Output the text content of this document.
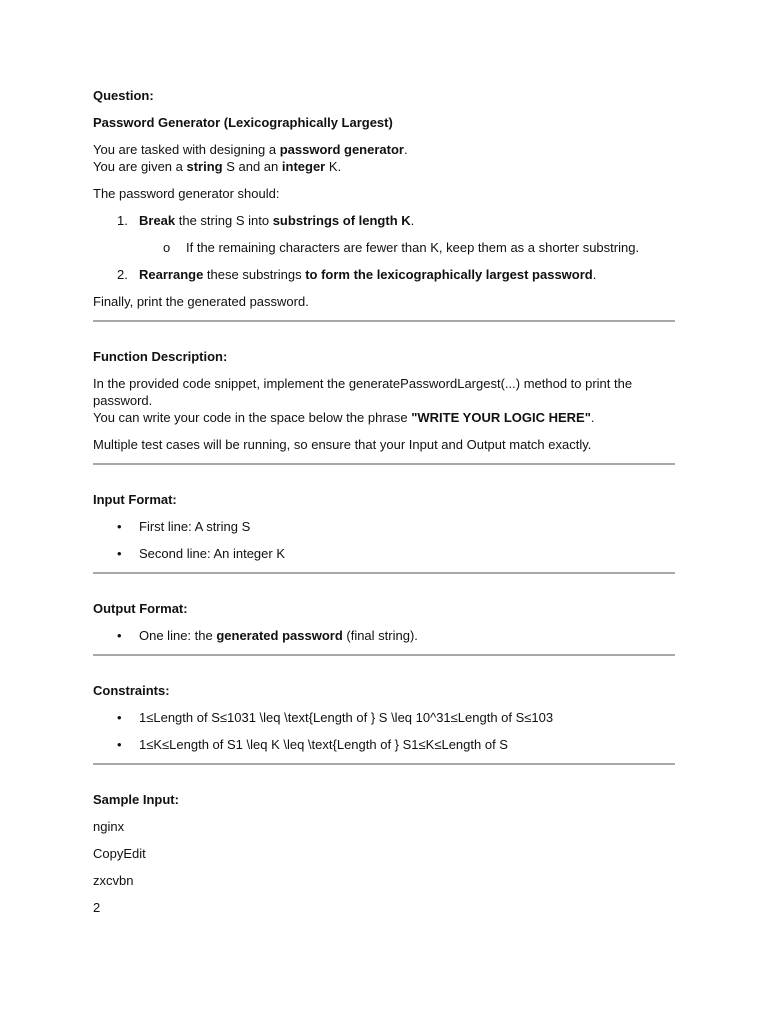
Question:

Password Generator (Lexicographically Largest)

You are tasked with designing a password generator.
You are given a string S and an integer K.

The password generator should:

1. Break the string S into substrings of length K.
o If the remaining characters are fewer than K, keep them as a shorter substring.
2. Rearrange these substrings to form the lexicographically largest password.

Finally, print the generated password.

Function Description:

In the provided code snippet, implement the generatePasswordLargest(...) method to print the password.
You can write your code in the space below the phrase "WRITE YOUR LOGIC HERE".

Multiple test cases will be running, so ensure that your Input and Output match exactly.

Input Format:

• First line: A string S
• Second line: An integer K

Output Format:

• One line: the generated password (final string).

Constraints:

• 1≤Length of S≤1031 \leq \text{Length of } S \leq 10^31≤Length of S≤103
• 1≤K≤Length of S1 \leq K \leq \text{Length of } S1≤K≤Length of S

Sample Input:

nginx

CopyEdit

zxcvbn

2
